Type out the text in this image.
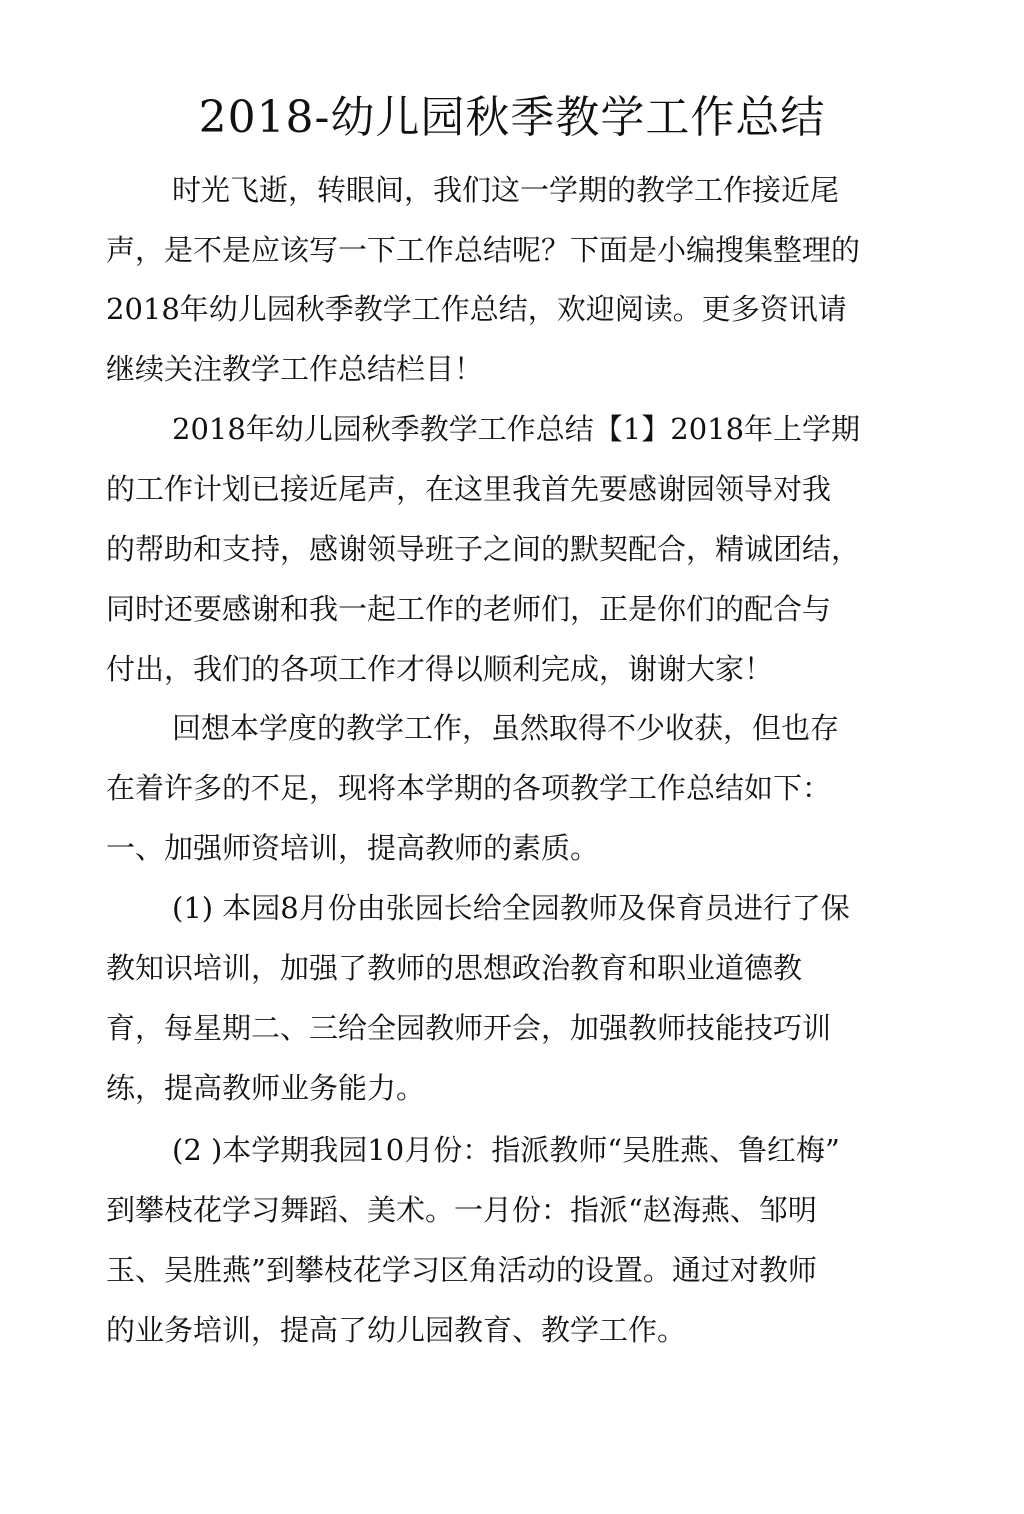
2018-幼儿园秋季教学工作总结

时光飞逝，转眼间，我们这一学期的教学工作接近尾

声，是不是应该写一下工作总结呢？下面是小编搜集整理的

2018年幼儿园秋季教学工作总结，欢迎阅读。更多资讯请

继续关注教学工作总结栏目！

2018年幼儿园秋季教学工作总结【1】2018年上学期

的工作计划已接近尾声，在这里我首先要感谢园领导对我

的帮助和支持，感谢领导班子之间的默契配合，精诚团结，

同时还要感谢和我一起工作的老师们，正是你们的配合与

付出，我们的各项工作才得以顺利完成，谢谢大家！

回想本学度的教学工作，虽然取得不少收获，但也存

在着许多的不足，现将本学期的各项教学工作总结如下：

一、加强师资培训，提高教师的素质。

(1) 本园8月份由张园长给全园教师及保育员进行了保

教知识培训，加强了教师的思想政治教育和职业道德教

育，每星期二、三给全园教师开会，加强教师技能技巧训

练，提高教师业务能力。

(2 )本学期我园10月份：指派教师“吴胜燕、鲁红梅”

到攀枝花学习舞蹈、美术。一月份：指派“赵海燕、邹明

玉、吴胜燕”到攀枝花学习区角活动的设置。通过对教师

的业务培训，提高了幼儿园教育、教学工作。
